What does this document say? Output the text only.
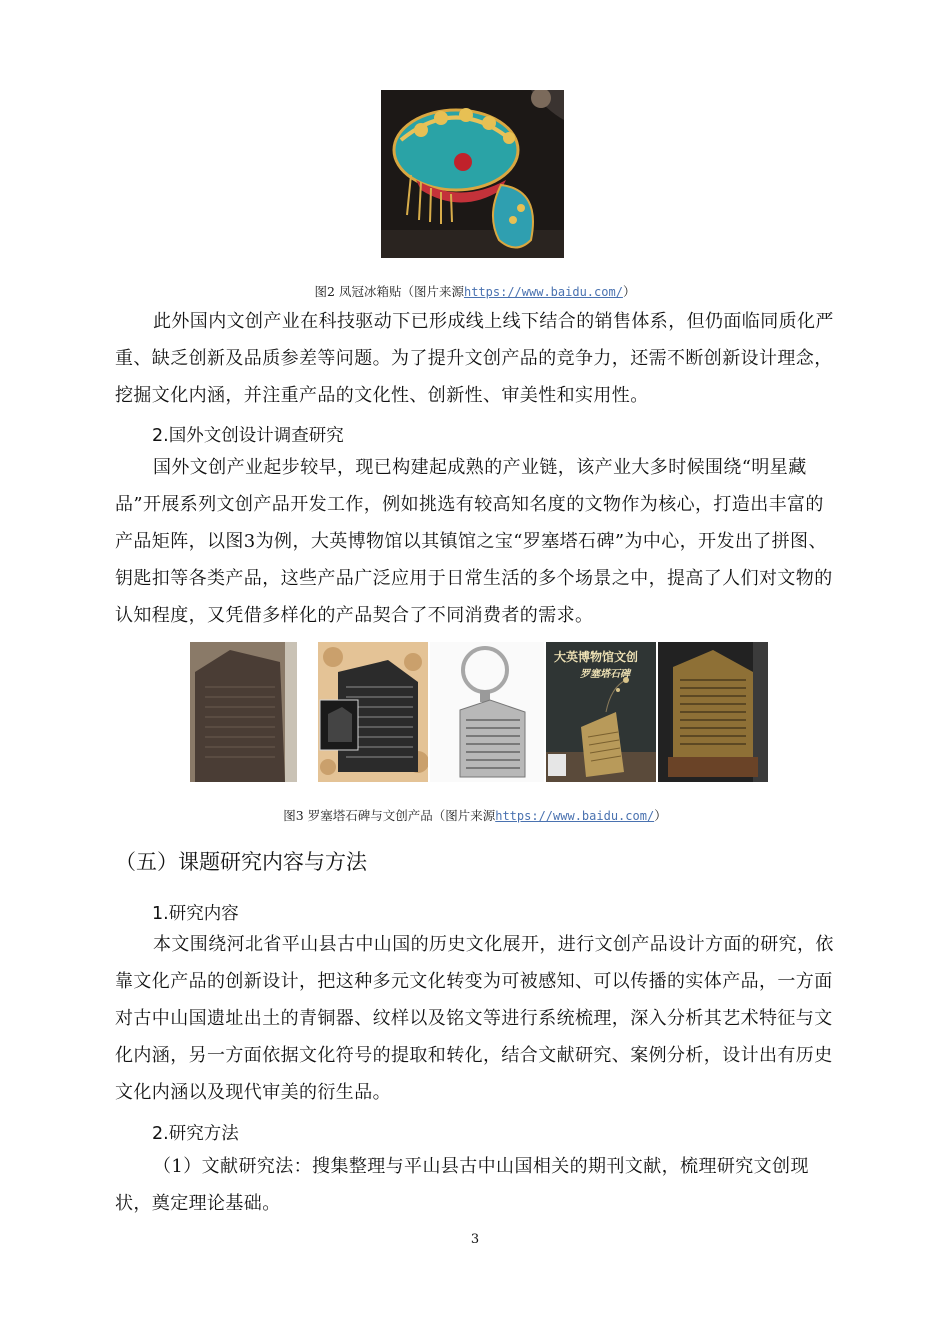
图2 凤冠冰箱贴（图片来源https://www.baidu.com/）

此外国内文创产业在科技驱动下已形成线上线下结合的销售体系，但仍面临同质化严重、缺乏创新及品质参差等问题。为了提升文创产品的竞争力，还需不断创新设计理念，挖掘文化内涵，并注重产品的文化性、创新性、审美性和实用性。

2.国外文创设计调查研究

国外文创产业起步较早，现已构建起成熟的产业链，该产业大多时候围绕“明星藏品”开展系列文创产品开发工作，例如挑选有较高知名度的文物作为核心，打造出丰富的产品矩阵，以图3为例，大英博物馆以其镇馆之宝“罗塞塔石碑”为中心，开发出了拼图、钥匙扣等各类产品，这些产品广泛应用于日常生活的多个场景之中，提高了人们对文物的认知程度，又凭借多样化的产品契合了不同消费者的需求。

大英博物馆文创
罗塞塔石碑
图3 罗塞塔石碑与文创产品（图片来源https://www.baidu.com/）
（五）课题研究内容与方法
1.研究内容

本文围绕河北省平山县古中山国的历史文化展开，进行文创产品设计方面的研究，依靠文化产品的创新设计，把这种多元文化转变为可被感知、可以传播的实体产品，一方面对古中山国遗址出土的青铜器、纹样以及铭文等进行系统梳理，深入分析其艺术特征与文化内涵，另一方面依据文化符号的提取和转化，结合文献研究、案例分析，设计出有历史文化内涵以及现代审美的衍生品。

2.研究方法

（1）文献研究法：搜集整理与平山县古中山国相关的期刊文献，梳理研究文创现状，奠定理论基础。

3
